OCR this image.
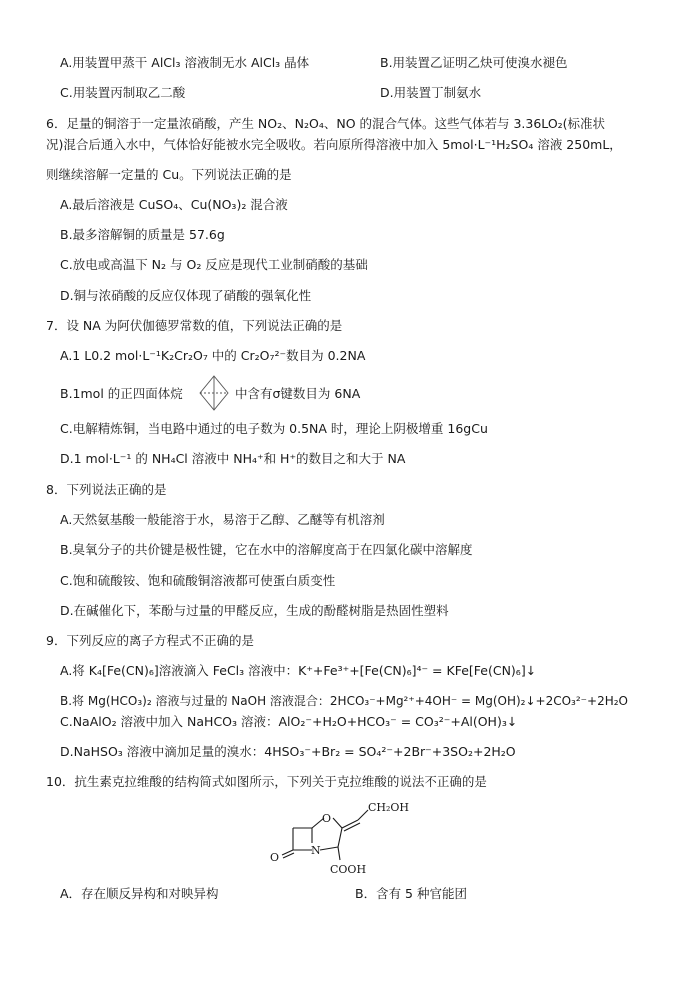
A.用装置甲蒸干 AlCl₃ 溶液制无水 AlCl₃ 晶体	B.用装置乙证明乙炔可使溴水褪色
C.用装置丙制取乙二酸	D.用装置丁制氨水
6．足量的铜溶于一定量浓硝酸，产生 NO₂、N₂O₄、NO 的混合气体。这些气体若与 3.36LO₂(标准状
况)混合后通入水中，气体恰好能被水完全吸收。若向原所得溶液中加入 5mol·L⁻¹H₂SO₄ 溶液 250mL，
则继续溶解一定量的 Cu。下列说法正确的是
A.最后溶液是 CuSO₄、Cu(NO₃)₂ 混合液
B.最多溶解铜的质量是 57.6g
C.放电或高温下 N₂ 与 O₂ 反应是现代工业制硝酸的基础
D.铜与浓硝酸的反应仅体现了硝酸的强氧化性
7．设 NA 为阿伏伽德罗常数的值，下列说法正确的是
A.1 L0.2 mol·L⁻¹K₂Cr₂O₇ 中的 Cr₂O₇²⁻数目为 0.2NA
B.1mol 的正四面体烷	中含有σ键数目为 6NA
C.电解精炼铜，当电路中通过的电子数为 0.5NA 时，理论上阴极增重 16gCu
D.1 mol·L⁻¹ 的 NH₄Cl 溶液中 NH₄⁺和 H⁺的数目之和大于 NA
8．下列说法正确的是
A.天然氨基酸一般能溶于水，易溶于乙醇、乙醚等有机溶剂
B.臭氧分子的共价键是极性键，它在水中的溶解度高于在四氯化碳中溶解度
C.饱和硫酸铵、饱和硫酸铜溶液都可使蛋白质变性
D.在碱催化下，苯酚与过量的甲醛反应，生成的酚醛树脂是热固性塑料
9．下列反应的离子方程式不正确的是
A.将 K₄[Fe(CN)₆]溶液滴入 FeCl₃ 溶液中：K⁺+Fe³⁺+[Fe(CN)₆]⁴⁻ = KFe[Fe(CN)₆]↓
B.将 Mg(HCO₃)₂ 溶液与过量的 NaOH 溶液混合：2HCO₃⁻+Mg²⁺+4OH⁻ = Mg(OH)₂↓+2CO₃²⁻+2H₂O
C.NaAlO₂ 溶液中加入 NaHCO₃ 溶液：AlO₂⁻+H₂O+HCO₃⁻ = CO₃²⁻+Al(OH)₃↓
D.NaHSO₃ 溶液中滴加足量的溴水：4HSO₃⁻+Br₂ = SO₄²⁻+2Br⁻+3SO₂+2H₂O
10．抗生素克拉维酸的结构简式如图所示，下列关于克拉维酸的说法不正确的是
O
N
O
CH₂OH
COOH
A．存在顺反异构和对映异构	B．含有 5 种官能团
